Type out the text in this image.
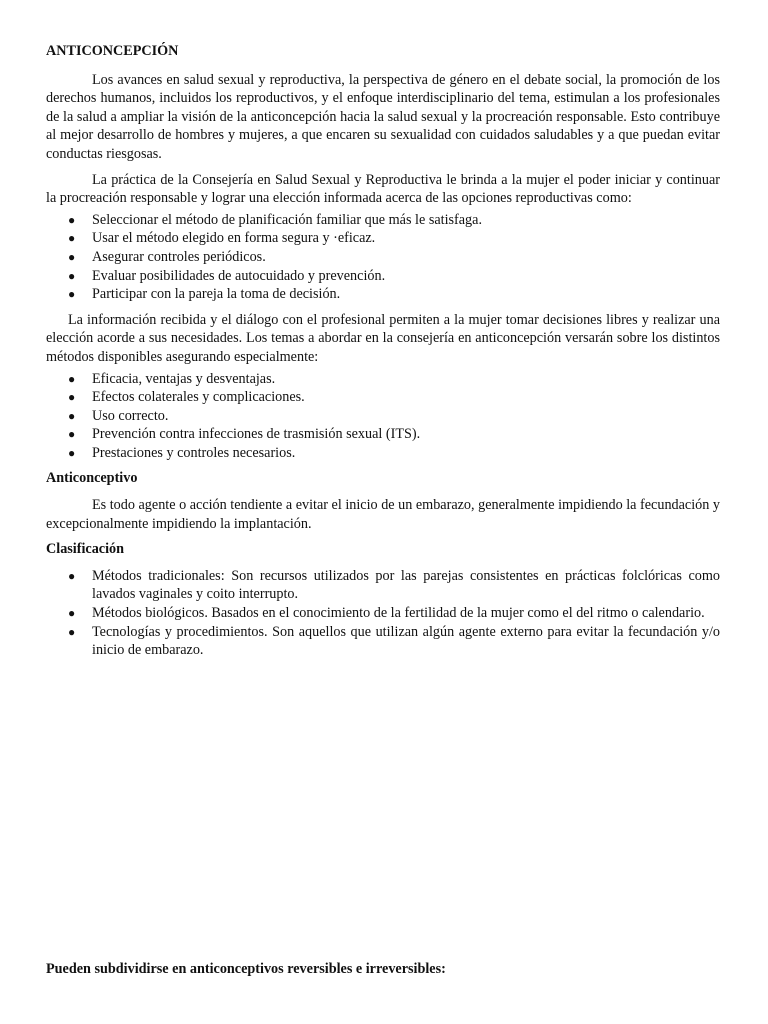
ANTICONCEPCIÓN

Los avances en salud sexual y reproductiva, la perspectiva de género en el debate social, la promoción de los derechos humanos, incluidos los reproductivos, y el enfoque interdisciplinario del tema, estimulan a los profesionales de la salud a ampliar la visión de la anticoncepción hacia la salud sexual y la procreación responsable. Esto contribuye al mejor desarrollo de hombres y mujeres, a que encaren su sexualidad con cuidados saludables y a que puedan evitar conductas riesgosas.

La práctica de la Consejería en Salud Sexual y Reproductiva le brinda a la mujer el poder iniciar y continuar la procreación responsable y lograr una elección informada acerca de las opciones reproductivas como:

● Seleccionar el método de planificación familiar que más le satisfaga.
● Usar el método elegido en forma segura y ·eficaz.
● Asegurar controles periódicos.
● Evaluar posibilidades de autocuidado y prevención.
● Participar con la pareja la toma de decisión.

La información recibida y el diálogo con el profesional permiten a la mujer tomar decisiones libres y realizar una elección acorde a sus necesidades. Los temas a abordar en la consejería en anticoncepción versarán sobre los distintos métodos disponibles asegurando especialmente:

● Eficacia, ventajas y desventajas.
● Efectos colaterales y complicaciones.
● Uso correcto.
● Prevención contra infecciones de trasmisión sexual (ITS).
● Prestaciones y controles necesarios.
Anticonceptivo

Es todo agente o acción tendiente a evitar el inicio de un embarazo, generalmente impidiendo la fecundación y excepcionalmente impidiendo la implantación.

Clasificación
● Métodos tradicionales: Son recursos utilizados por las parejas consistentes en prácticas folclóricas como lavados vaginales y coito interrupto.
● Métodos biológicos. Basados en el conocimiento de la fertilidad de la mujer como el del ritmo o calendario.
● Tecnologías y procedimientos. Son aquellos que utilizan algún agente externo para evitar la fecundación y/o inicio de embarazo.
Pueden subdividirse en anticonceptivos reversibles e irreversibles:
